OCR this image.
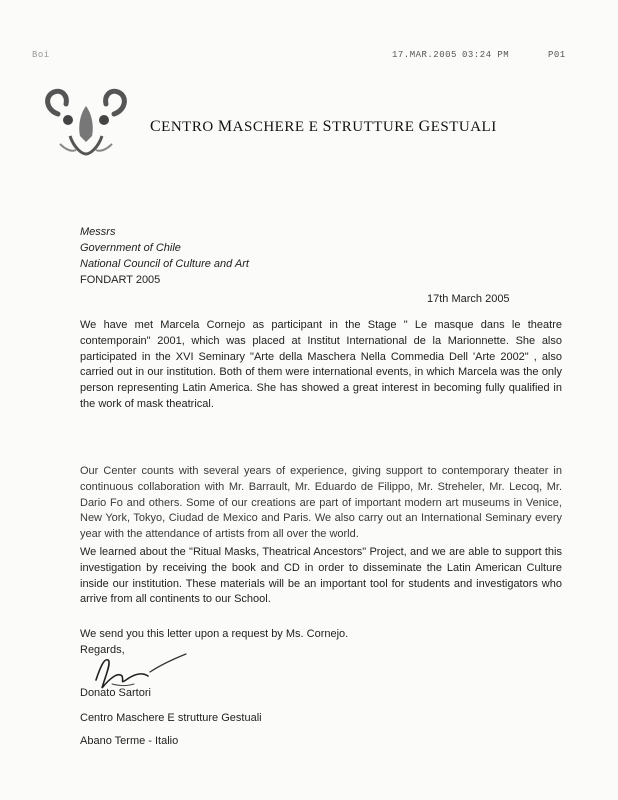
Boi	17.MAR.2005 03:24 PM	P01
CENTRO MASCHERE E STRUTTURE GESTUALI
Messrs
Government of Chile
National Council of Culture and Art
FONDART 2005
17th March 2005
We have met Marcela Cornejo as participant in the Stage " Le masque dans le theatre contemporain" 2001, which was placed at Institut International de la Marionnette. She also participated in the XVI Seminary "Arte della Maschera Nella Commedia Dell 'Arte 2002" , also carried out in our institution. Both of them were international events, in which Marcela was the only person representing Latin America. She has showed a great interest in becoming fully qualified in the work of mask theatrical.
Our Center counts with several years of experience, giving support to contemporary theater in continuous collaboration with Mr. Barrault, Mr. Eduardo de Filippo, Mr. Streheler, Mr. Lecoq, Mr. Dario Fo and others. Some of our creations are part of important modern art museums in Venice, New York, Tokyo, Ciudad de Mexico and Paris. We also carry out an International Seminary every year with the attendance of artists from all over the world.
We learned about the "Ritual Masks, Theatrical Ancestors" Project, and we are able to support this investigation by receiving the book and CD in order to disseminate the Latin American Culture inside our institution. These materials will be an important tool for students and investigators who arrive from all continents to our School.
We send you this letter upon a request by Ms. Cornejo.
Regards,
Donato Sartori
Centro Maschere E strutture Gestuali
Abano Terme - Italio
